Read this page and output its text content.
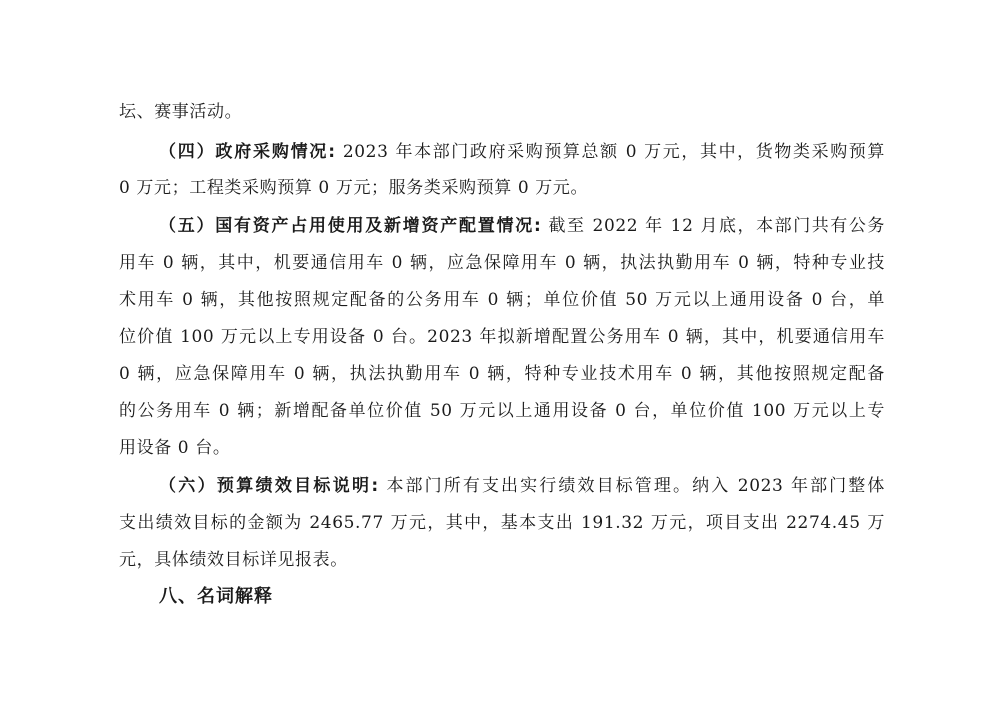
坛、赛事活动。
（四）政府采购情况: 2023 年本部门政府采购预算总额 0 万元，其中，货物类采购预算
0 万元；工程类采购预算 0 万元；服务类采购预算 0 万元。
（五）国有资产占用使用及新增资产配置情况: 截至 2022 年 12 月底，本部门共有公务
用车 0 辆，其中，机要通信用车 0 辆，应急保障用车 0 辆，执法执勤用车 0 辆，特种专业技
术用车 0 辆，其他按照规定配备的公务用车 0 辆；单位价值 50 万元以上通用设备 0 台，单
位价值 100 万元以上专用设备 0 台。2023 年拟新增配置公务用车 0 辆，其中，机要通信用车
0 辆，应急保障用车 0 辆，执法执勤用车 0 辆，特种专业技术用车 0 辆，其他按照规定配备
的公务用车 0 辆；新增配备单位价值 50 万元以上通用设备 0 台，单位价值 100 万元以上专
用设备 0 台。
（六）预算绩效目标说明: 本部门所有支出实行绩效目标管理。纳入 2023 年部门整体
支出绩效目标的金额为 2465.77 万元，其中，基本支出 191.32 万元，项目支出 2274.45 万
元，具体绩效目标详见报表。
八、名词解释
